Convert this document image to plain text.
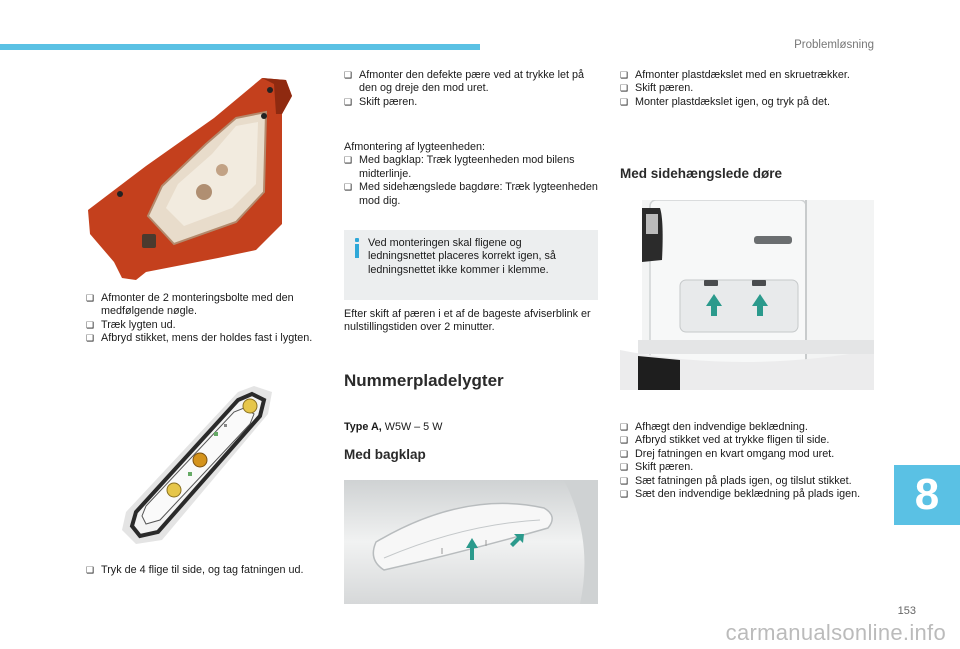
Problemløsning
❑ Afmonter de 2 monteringsbolte med den medfølgende nøgle.
❑ Træk lygten ud.
❑ Afbryd stikket, mens der holdes fast i lygten.
❑ Tryk de 4 flige til side, og tag fatningen ud.
❑ Afmonter den defekte pære ved at trykke let på den og dreje den mod uret.
❑ Skift pæren.
Afmontering af lygteenheden:
❑ Med bagklap: Træk lygteenheden mod bilens midterlinje.
❑ Med sidehængslede bagdøre: Træk lygteenheden mod dig.
Ved monteringen skal fligene og ledningsnettet placeres korrekt igen, så ledningsnettet ikke kommer i klemme.
Efter skift af pæren i et af de bageste afviserblink er nulstillingstiden over 2 minutter.
Nummerpladelygter
Type A, W5W – 5 W
Med bagklap
❑ Afmonter plastdækslet med en skruetrækker.
❑ Skift pæren.
❑ Monter plastdækslet igen, og tryk på det.
Med sidehængslede døre
❑ Afhægt den indvendige beklædning.
❑ Afbryd stikket ved at trykke fligen til side.
❑ Drej fatningen en kvart omgang mod uret.
❑ Skift pæren.
❑ Sæt fatningen på plads igen, og tilslut stikket.
❑ Sæt den indvendige beklædning på plads igen.	8
153
carmanualsonline.info
